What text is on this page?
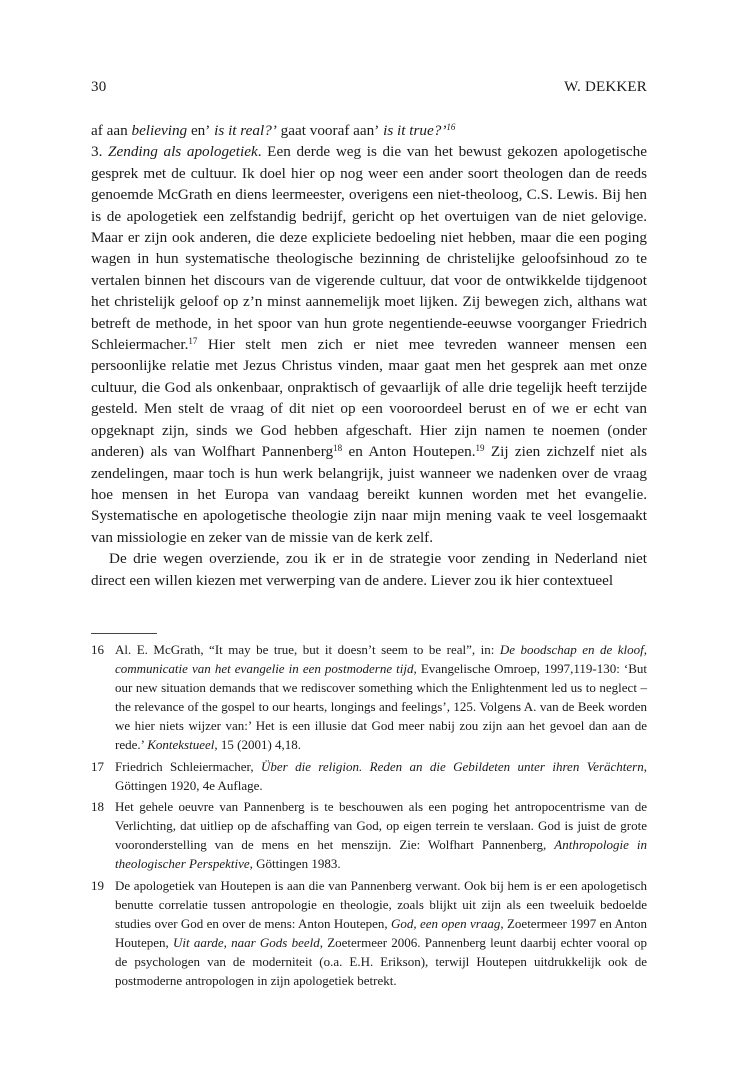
30	W. DEKKER

af aan believing en’ is it real?’ gaat vooraf aan’ is it true?’$^{16}$

3. Zending als apologetiek. Een derde weg is die van het bewust gekozen apologetische gesprek met de cultuur. Ik doel hier op nog weer een ander soort theologen dan de reeds genoemde McGrath en diens leermeester, overigens een niet-theoloog, C.S. Lewis. Bij hen is de apologetiek een zelfstandig bedrijf, gericht op het overtuigen van de niet gelovige. Maar er zijn ook anderen, die deze expliciete bedoeling niet hebben, maar die een poging wagen in hun systematische theologische bezinning de christelijke geloofsinhoud zo te vertalen binnen het discours van de vigerende cultuur, dat voor de ontwikkelde tijdgenoot het christelijk geloof op z’n minst aannemelijk moet lijken. Zij bewegen zich, althans wat betreft de methode, in het spoor van hun grote negentiende-eeuwse voorganger Friedrich Schleiermacher.$^{17}$ Hier stelt men zich er niet mee tevreden wanneer mensen een persoonlijke relatie met Jezus Christus vinden, maar gaat men het gesprek aan met onze cultuur, die God als onkenbaar, onpraktisch of gevaarlijk of alle drie tegelijk heeft terzijde gesteld. Men stelt de vraag of dit niet op een vooroordeel berust en of we er echt van opgeknapt zijn, sinds we God hebben afgeschaft. Hier zijn namen te noemen (onder anderen) als van Wolfhart Pannenberg$^{18}$ en Anton Houtepen.$^{19}$ Zij zien zichzelf niet als zendelingen, maar toch is hun werk belangrijk, juist wanneer we nadenken over de vraag hoe mensen in het Europa van vandaag bereikt kunnen worden met het evangelie. Systematische en apologetische theologie zijn naar mijn mening vaak te veel losgemaakt van missiologie en zeker van de missie van de kerk zelf.

De drie wegen overziende, zou ik er in de strategie voor zending in Nederland niet direct een willen kiezen met verwerping van de andere. Liever zou ik hier contextueel

16 Al. E. McGrath, “It may be true, but it doesn’t seem to be real”, in: De boodschap en de kloof, communicatie van het evangelie in een postmoderne tijd, Evangelische Omroep, 1997,119-130: ‘But our new situation demands that we rediscover something which the Enlightenment led us to neglect – the relevance of the gospel to our hearts, longings and feelings’, 125. Volgens A. van de Beek worden we hier niets wijzer van:’ Het is een illusie dat God meer nabij zou zijn aan het gevoel dan aan de rede.’ Kontekstueel, 15 (2001) 4,18.
17 Friedrich Schleiermacher, Über die religion. Reden an die Gebildeten unter ihren Verächtern, Göttingen 1920, 4e Auflage.
18 Het gehele oeuvre van Pannenberg is te beschouwen als een poging het antropocentrisme van de Verlichting, dat uitliep op de afschaffing van God, op eigen terrein te verslaan. God is juist de grote vooronderstelling van de mens en het menszijn. Zie: Wolfhart Pannenberg, Anthropologie in theologischer Perspektive, Göttingen 1983.
19 De apologetiek van Houtepen is aan die van Pannenberg verwant. Ook bij hem is er een apologetisch benutte correlatie tussen antropologie en theologie, zoals blijkt uit zijn als een tweeluik bedoelde studies over God en over de mens: Anton Houtepen, God, een open vraag, Zoetermeer 1997 en Anton Houtepen, Uit aarde, naar Gods beeld, Zoetermeer 2006. Pannenberg leunt daarbij echter vooral op de psychologen van de moderniteit (o.a. E.H. Erikson), terwijl Houtepen uitdrukkelijk ook de postmoderne antropologen in zijn apologetiek betrekt.
